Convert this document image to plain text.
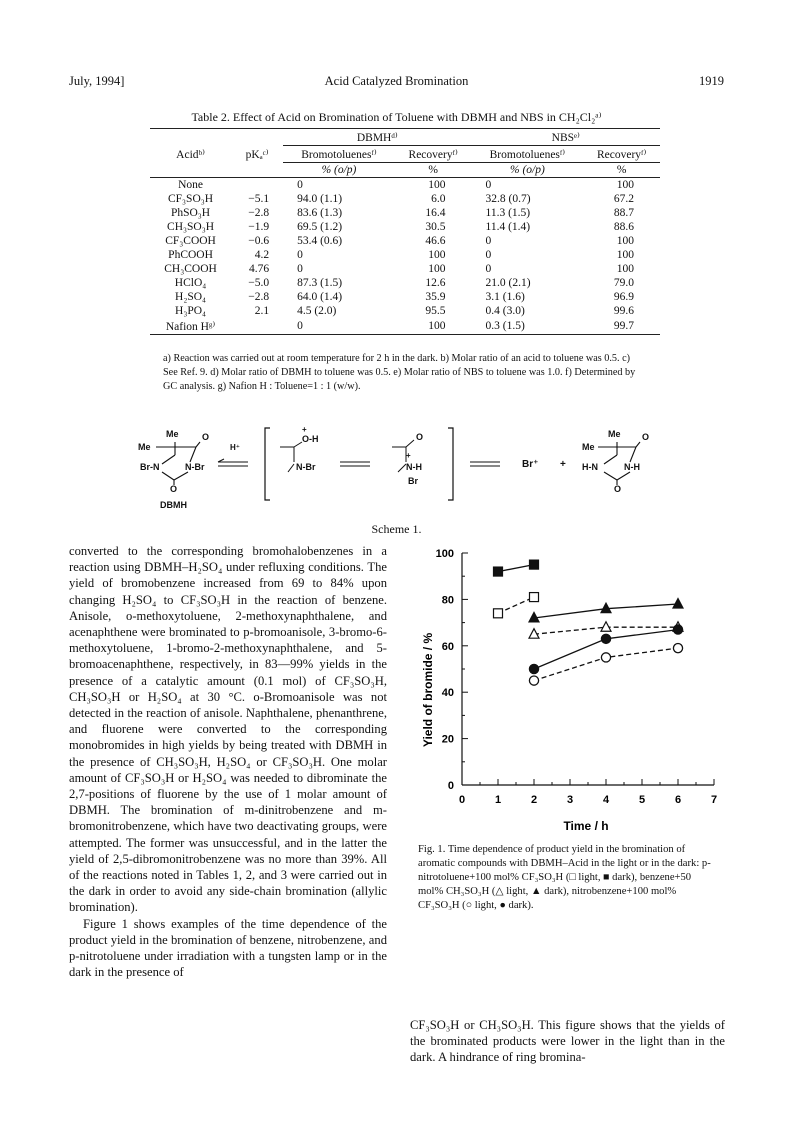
July, 1994]	Acid Catalyzed Bromination	1919
Table 2. Effect of Acid on Bromination of Toluene with DBMH and NBS in CH₂Cl₂ᵃ⁾
		DBMHᵈ⁾		NBSᵉ⁾	
Acidᵇ⁾	pKₐᶜ⁾	Bromotoluenesᶠ⁾	Recoveryᶠ⁾	Bromotoluenesᶠ⁾	Recoveryᶠ⁾
		% (o/p)	%	% (o/p)	%
None		0	100	0	100
CF₃SO₃H	−5.1	94.0 (1.1)	6.0	32.8 (0.7)	67.2
PhSO₃H	−2.8	83.6 (1.3)	16.4	11.3 (1.5)	88.7
CH₃SO₃H	−1.9	69.5 (1.2)	30.5	11.4 (1.4)	88.6
CF₃COOH	−0.6	53.4 (0.6)	46.6	0	100
PhCOOH	4.2	0	100	0	100
CH₃COOH	4.76	0	100	0	100
HClO₄	−5.0	87.3 (1.5)	12.6	21.0 (2.1)	79.0
H₂SO₄	−2.8	64.0 (1.4)	35.9	3.1 (1.6)	96.9
H₃PO₄	2.1	4.5 (2.0)	95.5	0.4 (3.0)	99.6
Nafion Hᵍ⁾		0	100	0.3 (1.5)	99.7
a) Reaction was carried out at room temperature for 2 h in the dark. b) Molar ratio of an acid to toluene was 0.5. c) See Ref. 9. d) Molar ratio of DBMH to toluene was 0.5. e) Molar ratio of NBS to toluene was 1.0. f) Determined by GC analysis. g) Nafion H : Toluene=1 : 1 (w/w).
Me
Me
O
Br-N	N-Br
O
DBMH
H⁺
+
O-H
N-Br
O
+
N-H
Br
Br⁺ +
Me
Me
O
H-N	N-H
O
Scheme 1.
converted to the corresponding bromohalobenzenes in a reaction using DBMH–H₂SO₄ under refluxing conditions. The yield of bromobenzene increased from 69 to 84% upon changing H₂SO₄ to CF₃SO₃H in the reaction of benzene. Anisole, o-methoxytoluene, 2-methoxynaphthalene, and acenaphthene were brominated to p-bromoanisole, 3-bromo-6-methoxytoluene, 1-bromo-2-methoxynaphthalene, and 5-bromoacenaphthene, respectively, in 83—99% yields in the presence of a catalytic amount (0.1 mol) of CF₃SO₃H, CH₃SO₃H or H₂SO₄ at 30 °C. o-Bromoanisole was not detected in the reaction of anisole. Naphthalene, phenanthrene, and fluorene were converted to the corresponding monobromides in high yields by being treated with DBMH in the presence of CH₃SO₃H, H₂SO₄ or CF₃SO₃H. One molar amount of CF₃SO₃H or H₂SO₄ was needed to dibrominate the 2,7-positions of fluorene by the use of 1 molar amount of DBMH. The bromination of m-dinitrobenzene and m-bromonitrobenzene, which have two deactivating groups, were attempted. The former was unsuccessful, and in the latter the yield of 2,5-dibromonitrobenzene was no more than 39%. All of the reactions noted in Tables 1, 2, and 3 were carried out in the dark in order to avoid any side-chain bromination (allylic bromination).
Figure 1 shows examples of the time dependence of the product yield in the bromination of benzene, nitrobenzene, and p-nitrotoluene under irradiation with a tungsten lamp or in the dark in the presence of
0	1	2	3	4	5	6	7
0
20
40
60
80
100
Time / h
Yield of bromide / %
Fig. 1. Time dependence of product yield in the bromination of aromatic compounds with DBMH–Acid in the light or in the dark: p-nitrotoluene+100 mol% CF₃SO₃H (□ light, ■ dark), benzene+50 mol% CH₃SO₃H (△ light, ▲ dark), nitrobenzene+100 mol% CF₃SO₃H (○ light, ● dark).
CF₃SO₃H or CH₃SO₃H. This figure shows that the yields of the brominated products were lower in the light than in the dark. A hindrance of ring bromina-
